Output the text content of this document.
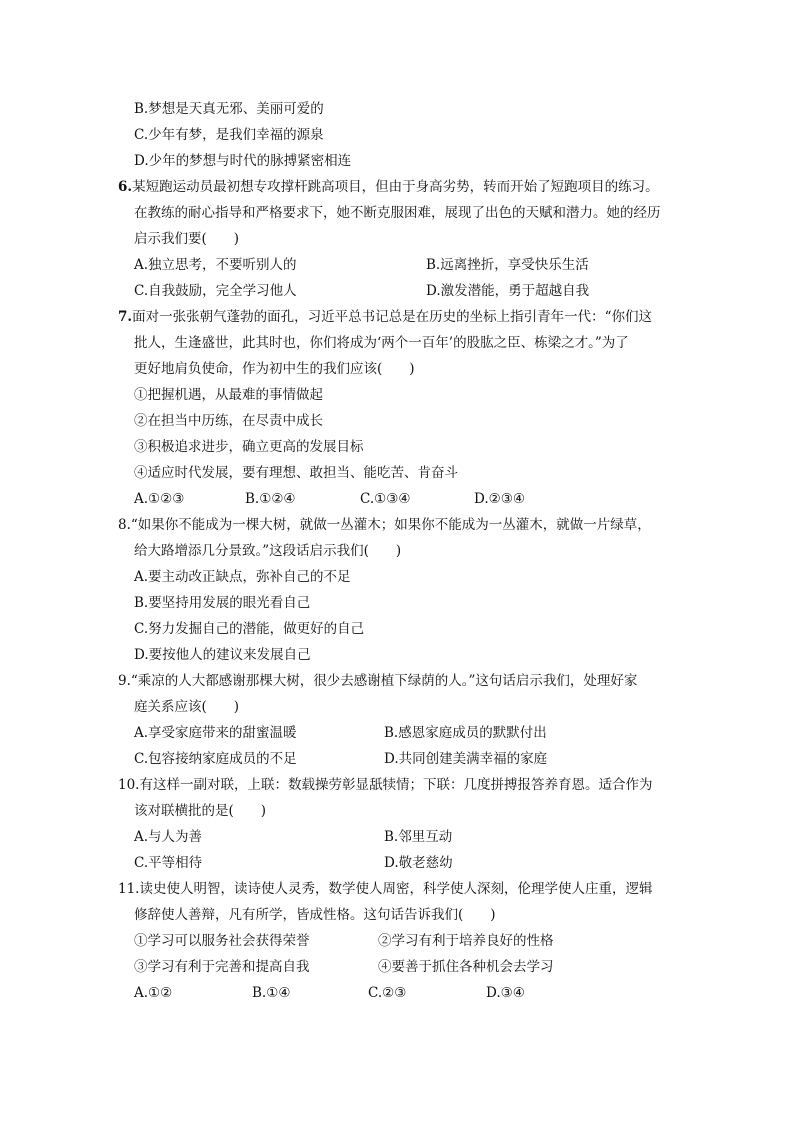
B.梦想是天真无邪、美丽可爱的
C.少年有梦，是我们幸福的源泉
D.少年的梦想与时代的脉搏紧密相连
6.某短跑运动员最初想专攻撑杆跳高项目，但由于身高劣势，转而开始了短跑项目的练习。
在教练的耐心指导和严格要求下，她不断克服困难，展现了出色的天赋和潜力。她的经历
启示我们要(　　)
A.独立思考，不要听别人的	B.远离挫折，享受快乐生活
C.自我鼓励，完全学习他人	D.激发潜能，勇于超越自我
7.面对一张张朝气蓬勃的面孔，习近平总书记总是在历史的坐标上指引青年一代：“你们这
批人，生逢盛世，此其时也，你们将成为‘两个一百年’的股肱之臣、栋梁之才。”为了
更好地肩负使命，作为初中生的我们应该(　　)
①把握机遇，从最难的事情做起
②在担当中历练，在尽责中成长
③积极追求进步，确立更高的发展目标
④适应时代发展，要有理想、敢担当、能吃苦、肯奋斗
A.①②③	B.①②④	C.①③④	D.②③④
8.“如果你不能成为一棵大树，就做一丛灌木；如果你不能成为一丛灌木，就做一片绿草，
给大路增添几分景致。”这段话启示我们(　　)
A.要主动改正缺点，弥补自己的不足
B.要坚持用发展的眼光看自己
C.努力发掘自己的潜能，做更好的自己
D.要按他人的建议来发展自己
9.“乘凉的人大都感谢那棵大树，很少去感谢植下绿荫的人。”这句话启示我们，处理好家
庭关系应该(　　)
A.享受家庭带来的甜蜜温暖	B.感恩家庭成员的默默付出
C.包容接纳家庭成员的不足	D.共同创建美满幸福的家庭
10.有这样一副对联，上联：数载操劳彰显舐犊情；下联：几度拼搏报答养育恩。适合作为
该对联横批的是(　　)
A.与人为善	B.邻里互动
C.平等相待	D.敬老慈幼
11.读史使人明智，读诗使人灵秀，数学使人周密，科学使人深刻，伦理学使人庄重，逻辑
修辞使人善辩，凡有所学，皆成性格。这句话告诉我们(　　)
①学习可以服务社会获得荣誉	②学习有利于培养良好的性格
③学习有利于完善和提高自我	④要善于抓住各种机会去学习
A.①②	B.①④	C.②③	D.③④
